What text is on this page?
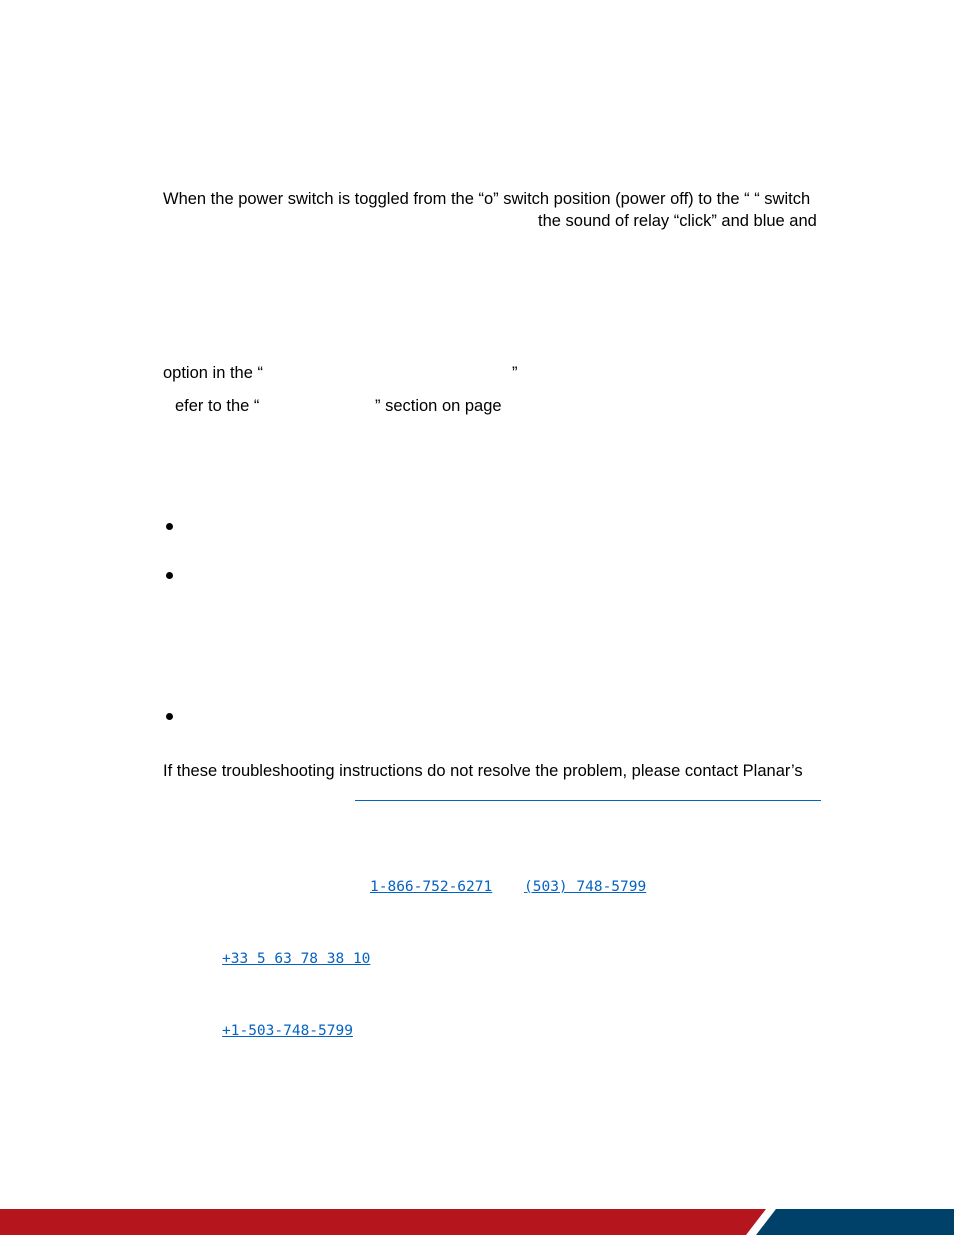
When the power switch is toggled from the “o” switch position (power off) to the “ “ switch

the sound of relay “click” and blue and

option in the “	”

efer to the “	” section on page

If these troubleshooting instructions do not resolve the problem, please contact Planar’s

1-866-752-6271 (503) 748-5799
+33 5 63 78 38 10
+1-503-748-5799
